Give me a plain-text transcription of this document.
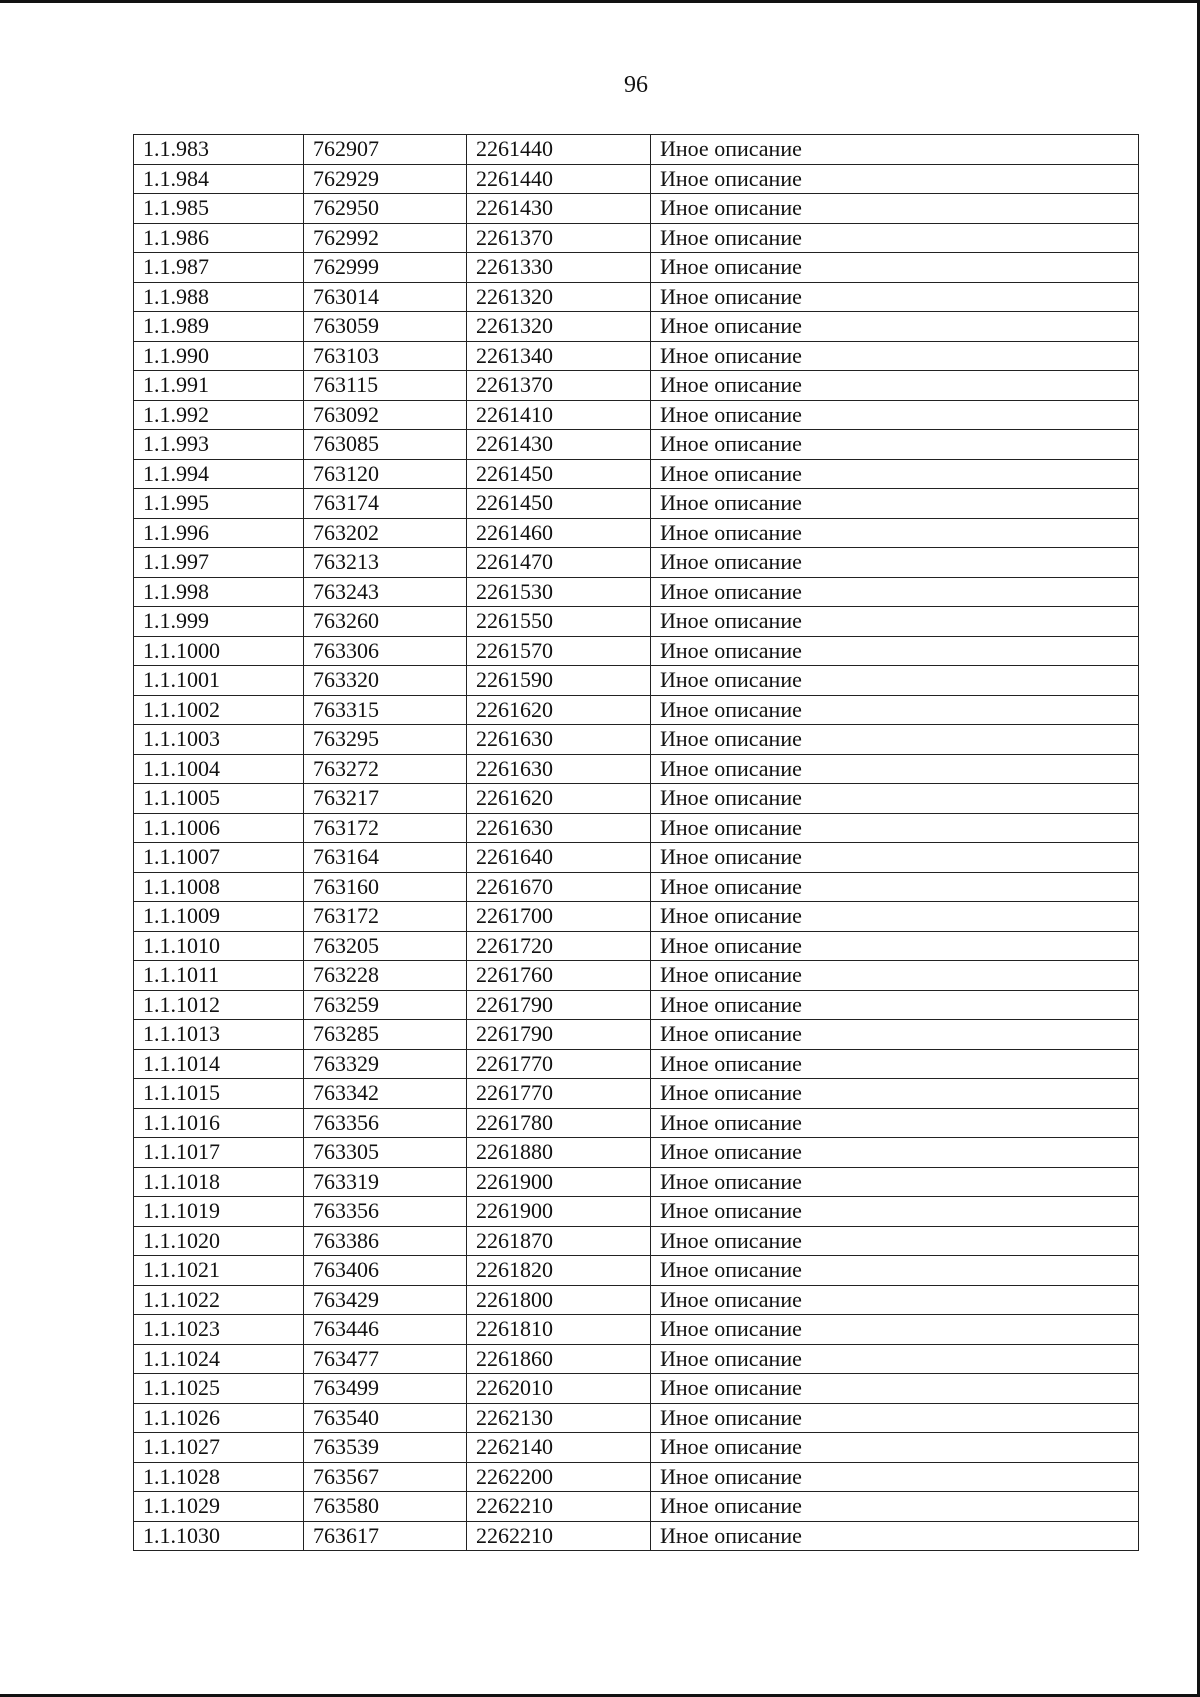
96
1.1.983	762907	2261440	Иное описание
1.1.984	762929	2261440	Иное описание
1.1.985	762950	2261430	Иное описание
1.1.986	762992	2261370	Иное описание
1.1.987	762999	2261330	Иное описание
1.1.988	763014	2261320	Иное описание
1.1.989	763059	2261320	Иное описание
1.1.990	763103	2261340	Иное описание
1.1.991	763115	2261370	Иное описание
1.1.992	763092	2261410	Иное описание
1.1.993	763085	2261430	Иное описание
1.1.994	763120	2261450	Иное описание
1.1.995	763174	2261450	Иное описание
1.1.996	763202	2261460	Иное описание
1.1.997	763213	2261470	Иное описание
1.1.998	763243	2261530	Иное описание
1.1.999	763260	2261550	Иное описание
1.1.1000	763306	2261570	Иное описание
1.1.1001	763320	2261590	Иное описание
1.1.1002	763315	2261620	Иное описание
1.1.1003	763295	2261630	Иное описание
1.1.1004	763272	2261630	Иное описание
1.1.1005	763217	2261620	Иное описание
1.1.1006	763172	2261630	Иное описание
1.1.1007	763164	2261640	Иное описание
1.1.1008	763160	2261670	Иное описание
1.1.1009	763172	2261700	Иное описание
1.1.1010	763205	2261720	Иное описание
1.1.1011	763228	2261760	Иное описание
1.1.1012	763259	2261790	Иное описание
1.1.1013	763285	2261790	Иное описание
1.1.1014	763329	2261770	Иное описание
1.1.1015	763342	2261770	Иное описание
1.1.1016	763356	2261780	Иное описание
1.1.1017	763305	2261880	Иное описание
1.1.1018	763319	2261900	Иное описание
1.1.1019	763356	2261900	Иное описание
1.1.1020	763386	2261870	Иное описание
1.1.1021	763406	2261820	Иное описание
1.1.1022	763429	2261800	Иное описание
1.1.1023	763446	2261810	Иное описание
1.1.1024	763477	2261860	Иное описание
1.1.1025	763499	2262010	Иное описание
1.1.1026	763540	2262130	Иное описание
1.1.1027	763539	2262140	Иное описание
1.1.1028	763567	2262200	Иное описание
1.1.1029	763580	2262210	Иное описание
1.1.1030	763617	2262210	Иное описание
